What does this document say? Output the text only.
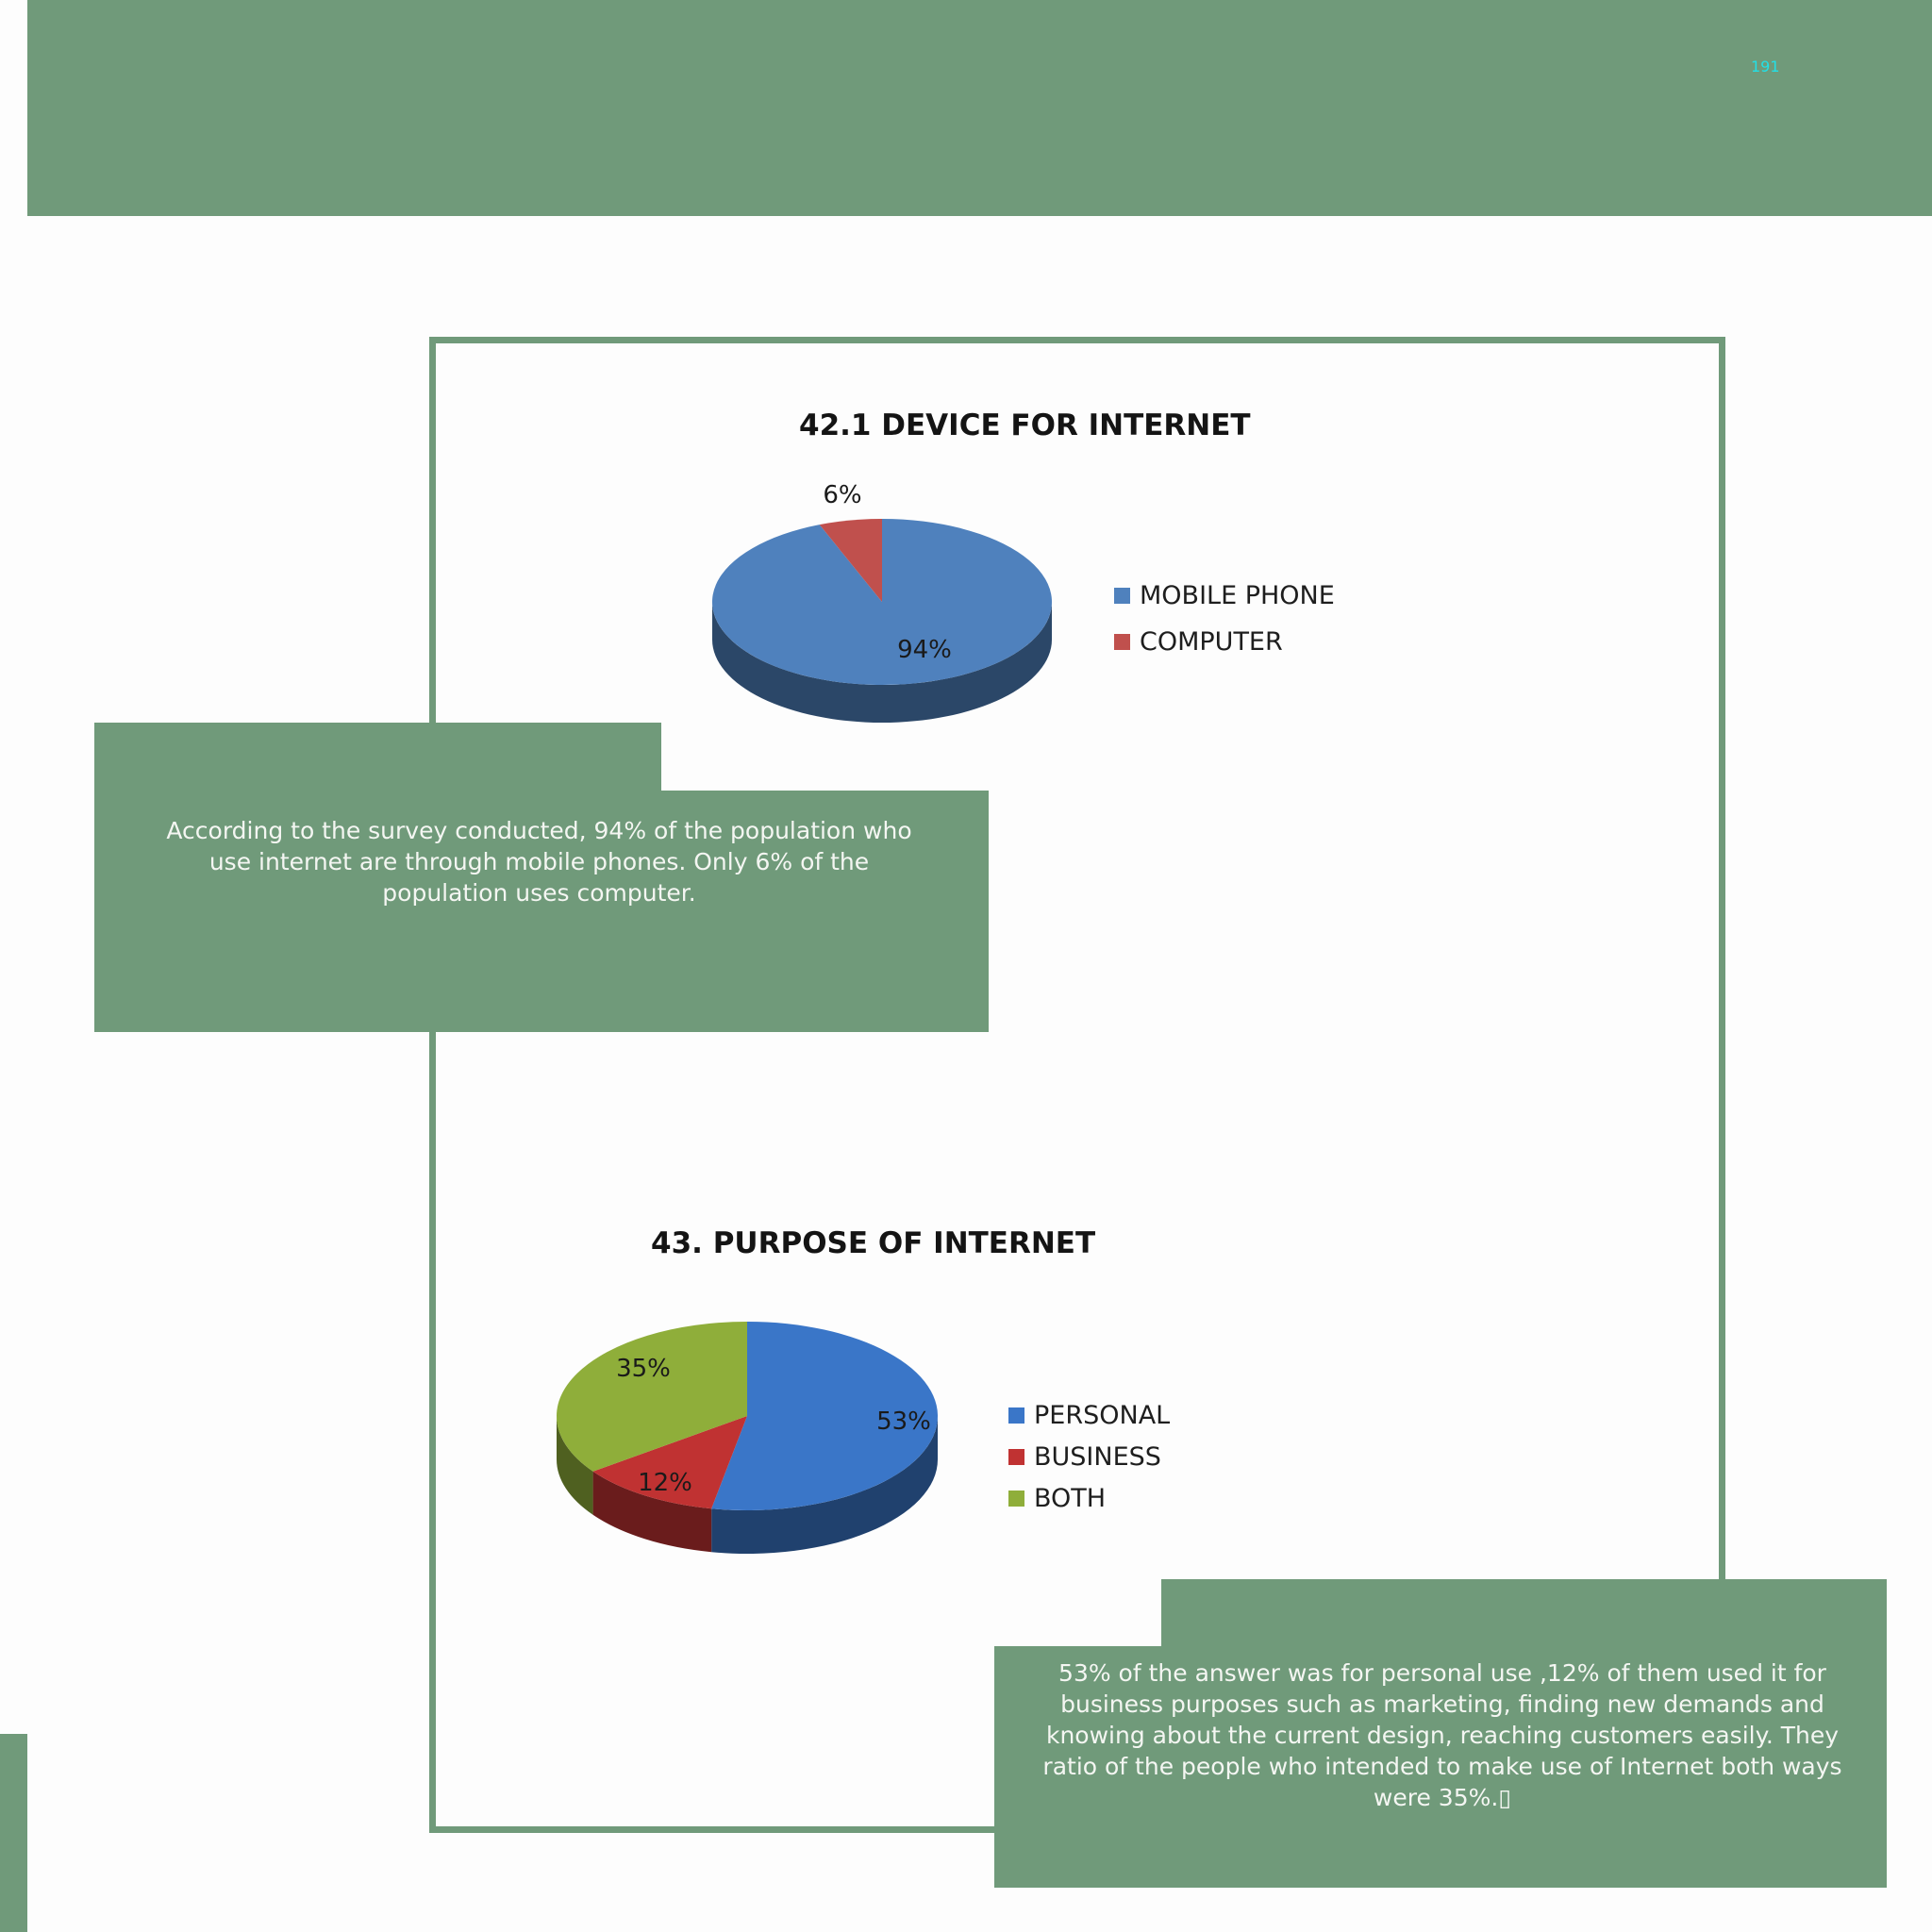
191
42.1 DEVICE FOR INTERNET
94%
6%
MOBILE PHONE
COMPUTER
According to the survey conducted, 94% of the population who use internet are through mobile phones. Only 6% of the population uses computer.
43. PURPOSE OF INTERNET
53%
12%
35%
PERSONAL
BUSINESS
BOTH
53% of the answer was for personal use ,12% of them used it for business purposes such as marketing, finding new demands and knowing about the current design, reaching customers easily. They ratio of the people who intended to make use of Internet both ways were 35%.▯
